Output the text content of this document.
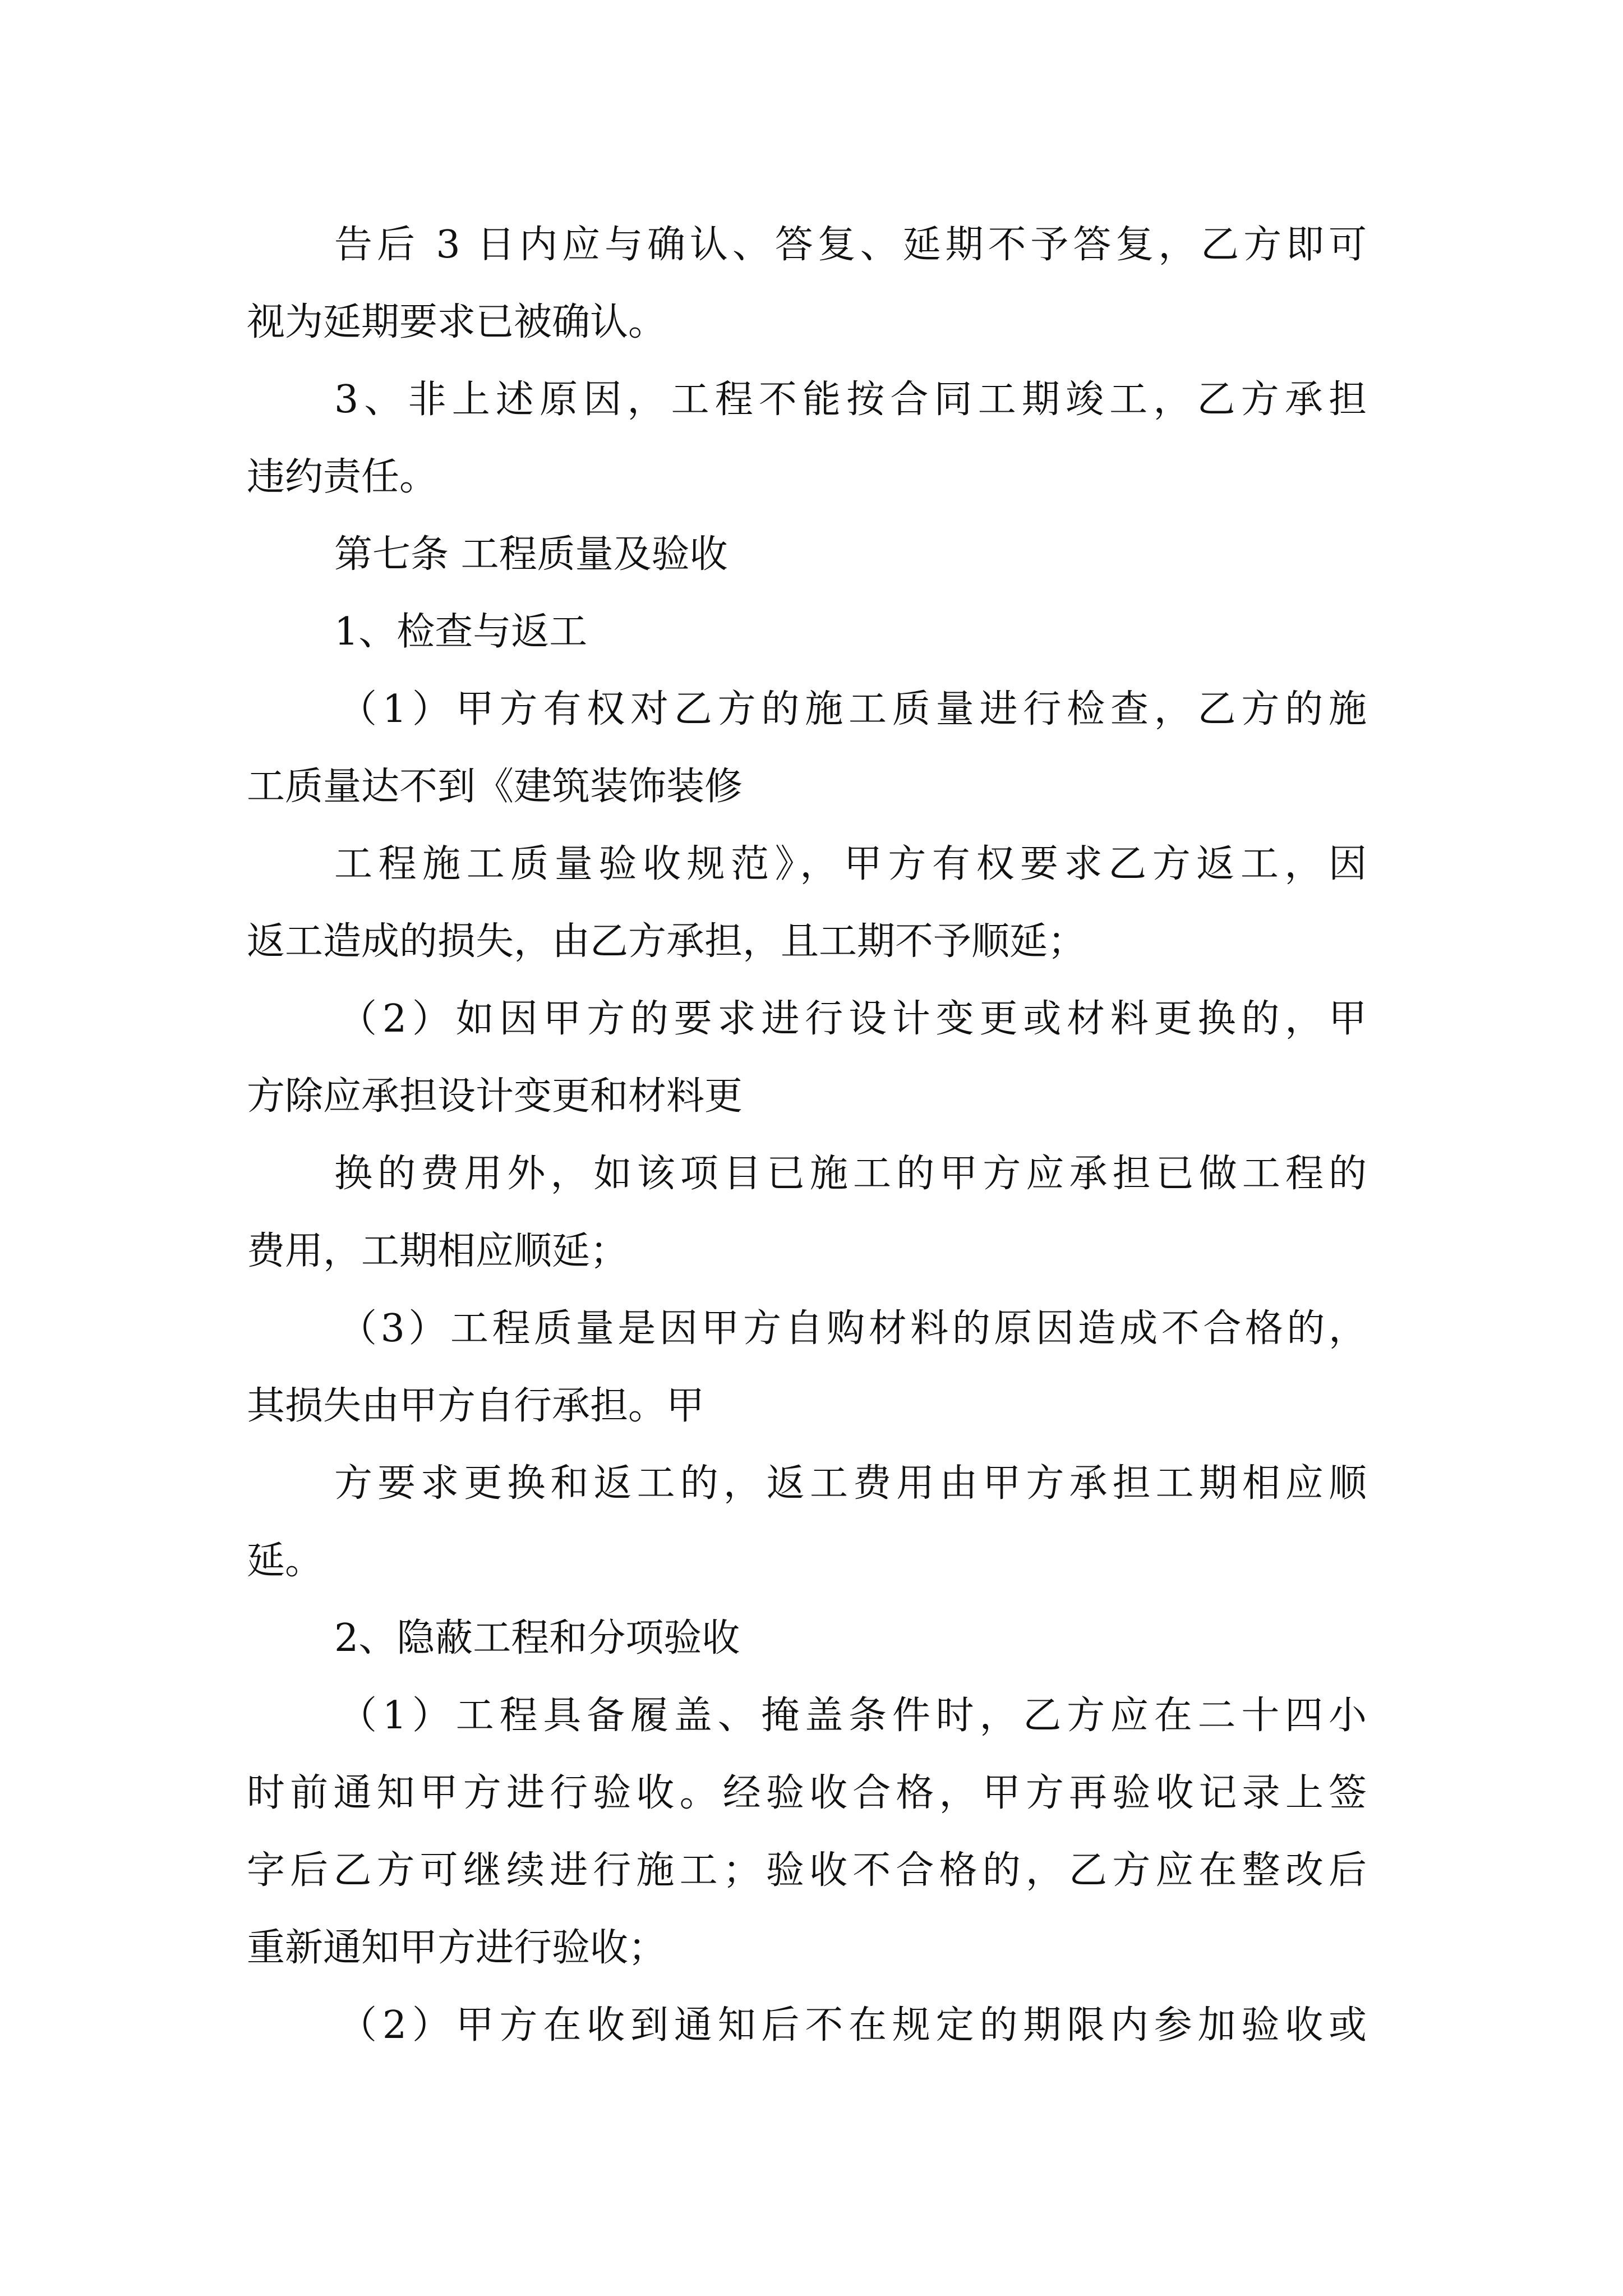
告后 3 日内应与确认、答复、延期不予答复，乙方即可

视为延期要求已被确认。

3、非上述原因，工程不能按合同工期竣工，乙方承担

违约责任。

第七条 工程质量及验收

1、检查与返工

（1）甲方有权对乙方的施工质量进行检查，乙方的施

工质量达不到《建筑装饰装修

工程施工质量验收规范》，甲方有权要求乙方返工，因

返工造成的损失，由乙方承担，且工期不予顺延；

（2）如因甲方的要求进行设计变更或材料更换的，甲

方除应承担设计变更和材料更

换的费用外，如该项目已施工的甲方应承担已做工程的

费用，工期相应顺延；

（3）工程质量是因甲方自购材料的原因造成不合格的，

其损失由甲方自行承担。甲

方要求更换和返工的，返工费用由甲方承担工期相应顺

延。

2、隐蔽工程和分项验收

（1）工程具备履盖、掩盖条件时，乙方应在二十四小

时前通知甲方进行验收。经验收合格，甲方再验收记录上签

字后乙方可继续进行施工；验收不合格的，乙方应在整改后

重新通知甲方进行验收；

（2）甲方在收到通知后不在规定的期限内参加验收或
